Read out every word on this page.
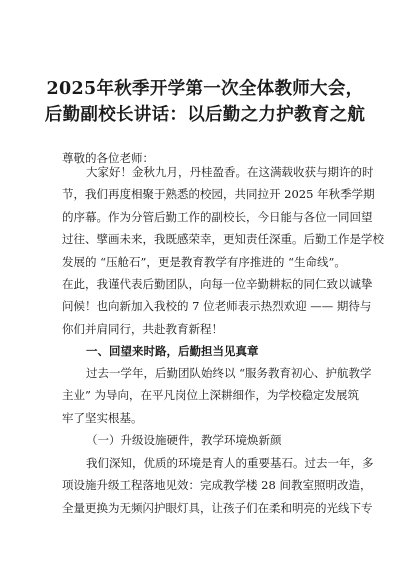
2025年秋季开学第一次全体教师大会，
后勤副校长讲话：以后勤之力护教育之航
尊敬的各位老师：
大家好！金秋九月，丹桂盈香。在这满载收获与期许的时
节，我们再度相聚于熟悉的校园，共同拉开 2025 年秋季学期
的序幕。作为分管后勤工作的副校长，今日能与各位一同回望
过往、擘画未来，我既感荣幸，更知责任深重。后勤工作是学校
发展的 “压舱石”，更是教育教学有序推进的 “生命线”。
在此，我谨代表后勤团队，向每一位辛勤耕耘的同仁致以诚挚
问候！也向新加入我校的 7 位老师表示热烈欢迎 —— 期待与
你们并肩同行，共赴教育新程！
一、回望来时路，后勤担当见真章
过去一学年，后勤团队始终以 “服务教育初心、护航教学
主业” 为导向，在平凡岗位上深耕细作，为学校稳定发展筑
牢了坚实根基。
（一）升级设施硬件，教学环境焕新颜
我们深知，优质的环境是育人的重要基石。过去一年，多
项设施升级工程落地见效：完成教学楼 28 间教室照明改造，
全量更换为无频闪护眼灯具，让孩子们在柔和明亮的光线下专
